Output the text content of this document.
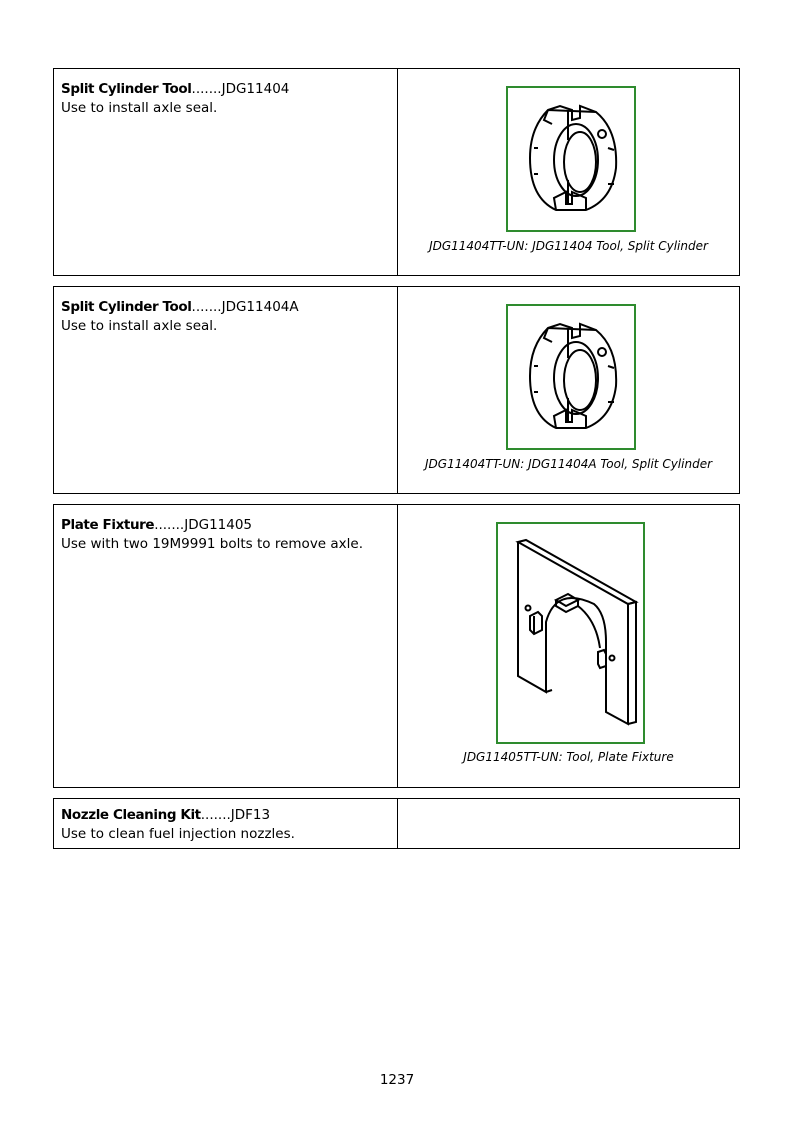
Split Cylinder Tool.......JDG11404
Use to install axle seal.
JDG11404TT-UN: JDG11404 Tool, Split Cylinder
Split Cylinder Tool.......JDG11404A
Use to install axle seal.
JDG11404TT-UN: JDG11404A Tool, Split Cylinder
Plate Fixture.......JDG11405
Use with two 19M9991 bolts to remove axle.
JDG11405TT-UN: Tool, Plate Fixture
Nozzle Cleaning Kit.......JDF13
Use to clean fuel injection nozzles.
1237
